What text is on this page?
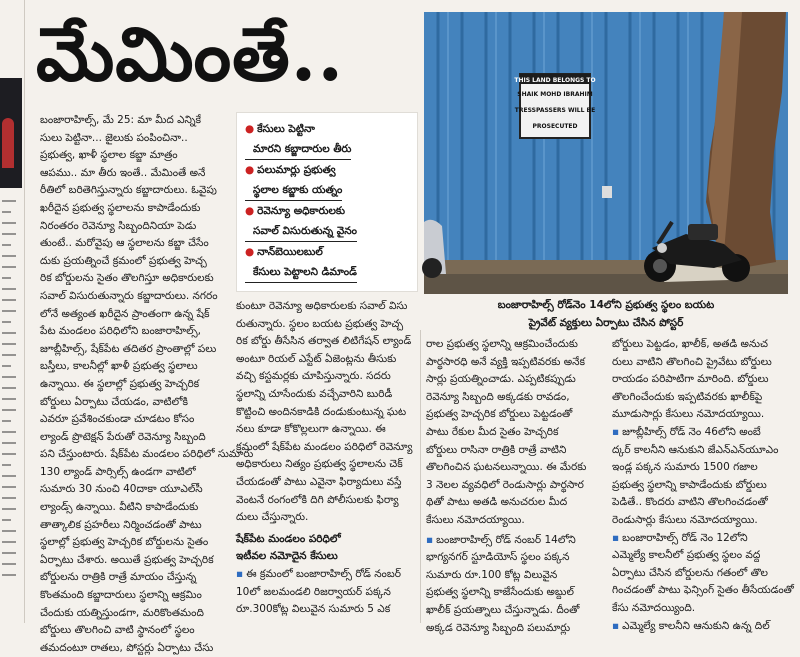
మేమింతే..	THIS LAND BELONGS TO
SHAIK MOHD IBRAHIM
TRESSPASSERS WILL BE
PROSECUTED
బంజారాహిల్స్ రోడ్‌నెం 14లోని ప్రభుత్వ స్థలం బయట
ప్రైవేట్ వ్యక్తులు ఏర్పాటు చేసిన పోస్టర్
● కేసులు పెట్టినా
మారని కబ్జాదారుల తీరు
● పలుమార్లు ప్రభుత్వ
స్థలాల కబ్జాకు యత్నం
● రెవెన్యూ అధికారులకు
సవాల్ విసురుతున్న వైనం
● నాన్‌బెయిలబుల్
కేసులు పెట్టాలని డిమాండ్
బంజారాహిల్స్, మే 25: మా మీద ఎన్నికే
సులు పెట్టినా... జైలుకు పంపించినా..
ప్రభుత్వ, ఖాళీ స్థలాల కబ్జా మాత్రం
ఆపము.. మా తీరు ఇంతే.. మేమింతే అనే
రీతిలో బరితెగిస్తున్నారు కబ్జాదారులు. ఓవైపు
ఖరీదైన ప్రభుత్వ స్థలాలను కాపాడేందుకు
నిరంతరం రెవెన్యూ సిబ్బందినియా పెడు
తుంటే.. మరోవైపు ఆ స్థలాలను కబ్జా చేసేం
దుకు ప్రయత్నించే క్రమంలో ప్రభుత్వ హెచ్చ
రిక బోర్డులను సైతం తొలగిస్తూ అధికారులకు
సవాల్ విసురుతున్నారు కబ్జాదారులు. నగరం
లోనే అత్యంత ఖరీదైన ప్రాంతంగా ఉన్న షేక్
పేట మండలం పరిధిలోని బంజారాహిల్స్,
జూబ్లీహిల్స్, షేక్‌పేట తదితర ప్రాంతాల్లో పలు
బస్తీలు, కాలనీల్లో ఖాళీ ప్రభుత్వ స్థలాలు
ఉన్నాయి. ఈ స్థలాల్లో ప్రభుత్వ హెచ్చరిక
బోర్డులు ఏర్పాటు చేయడం, వాటిలోకి
ఎవరూ ప్రవేశించకుండా చూడటం కోసం
ల్యాండ్ ప్రొటెక్షన్ పేరుతో రెవెన్యూ సిబ్బంది
పని చేస్తుంటారు. షేక్‌పేట మండలం పరిధిలో సుమారు
130 ల్యాండ్ పార్సిల్స్ ఉండగా వాటిలో
సుమారు 30 నుంచి 40దాకా యూఎల్‌సీ
ల్యాండ్స్ ఉన్నాయి. వీటిని కాపాడేందుకు
తాత్కాలిక ప్రహరీలు నిర్మించడంతో పాటు
స్థలాల్లో ప్రభుత్వ హెచ్చరిక బోర్డులను సైతం
ఏర్పాటు చేశారు. అయితే ప్రభుత్వ హెచ్చరిక
బోర్డులను రాత్రికి రాత్రే మాయం చేస్తున్న
కొంతమంది కబ్జాదారులు స్థలాన్ని ఆక్రమిం
చేందుకు యత్నిస్తుండగా, మరికొంతమంది
బోర్డులు తొలగించి వాటి స్థానంలో స్థలం
తమదంటూ రాతలు, పోస్టర్లు ఏర్పాటు చేసు
కుంటూ రెవెన్యూ అధికారులకు సవాల్ విసు
రుతున్నారు. స్థలం బయట ప్రభుత్వ హెచ్చ
రిక బోర్డు తీసేసిన తర్వాత లిటిగేషన్ ల్యాండ్
అంటూ రియల్ ఎస్టేట్ ఏజెంట్లను తీసుకు
వచ్చి కస్టమర్లకు చూపిస్తున్నారు. సదరు
స్థలాన్ని చూసేందుకు వచ్చేవారిని బురిడీ
కొట్టించి అందినకాడికి దండుకుంటున్న ఘట
నలు కూడా కోకొల్లలుగా ఉన్నాయి. ఈ
క్రమంలో షేక్‌పేట మండలం పరిధిలో రెవెన్యూ
అధికారులు నిత్యం ప్రభుత్వ స్థలాలను చెక్
చేయడంతో పాటు ఎవైనా ఫిర్యాదులు వస్తే
వెంటనే రంగంలోకి దిగి పోలీసులకు ఫిర్యా
దులు చేస్తున్నారు.
షేక్‌పేట మండలం పరిధిలో
ఇటీవల నమోదైన కేసులు
▪ ఈ క్రమంలో బంజారాహిల్స్ రోడ్ నంబర్
10లో జలమండలి రిజర్వాయర్ పక్కన
రూ.300కోట్ల విలువైన సుమారు 5 ఎక
రాల ప్రభుత్వ స్థలాన్ని ఆక్రమించేందుకు
పార్థసారధి అనే వ్యక్తి ఇప్పటివరకు అనేక
సార్లు ప్రయత్నించాడు. ఎప్పటికప్పుడు
రెవెన్యూ సిబ్బంది అక్కడకు రావడం,
ప్రభుత్వ హెచ్చరిక బోర్డులు పెట్టడంతో
పాటు రేకుల మీద సైతం హెచ్చరిక
బోర్డులు రాసినా రాత్రికి రాత్రే వాటిని
తొలగించిన ఘటనలున్నాయి. ఈ మేరకు
3 నెలల వ్యవధిలో రెండుసార్లు పార్థసార
థితో పాటు అతడి అనుచరుల మీద
కేసులు నమోదయ్యాయి.
▪ బంజారాహిల్స్ రోడ్ నంబర్ 14లోని
భాగ్యనగర్ స్టూడియోస్ స్థలం పక్కన
సుమారు రూ.100 కోట్ల విలువైన
ప్రభుత్వ స్థలాన్ని కాజేసేందుకు అబ్దుల్
ఖాలీక్ ప్రయత్నాలు చేస్తున్నాడు. దీంతో
అక్కడ రెవెన్యూ సిబ్బంది పలుమార్లు
బోర్డులు పెట్టడం, ఖాలీక్, అతడి అనుచ
రులు వాటిని తొలగించి ప్రైవేటు బోర్డులు
రాయడం పరిపాటిగా మారింది. బోర్డులు
తొలగించేందుకు ఇప్పటివరకు ఖాలీక్‌పై
మూడుసార్లు కేసులు నమోదయ్యాయి.
▪ జూబ్లీహిల్స్ రోడ్ నెం 46లోని అంబే
ద్కర్ కాలనీని ఆనుకుని జేఎన్ఎన్‌యూఎం
ఇండ్ల పక్కన సుమారు 1500 గజాల
ప్రభుత్వ స్థలాన్ని కాపాడేందుకు బోర్డులు
పెడితే.. కొందరు వాటిని తొలగించడంతో
రెండుసార్లు కేసులు నమోదయ్యాయి.
▪ బంజారాహిల్స్ రోడ్ నెం 12లోని
ఎమ్మెల్యే కాలనీలో ప్రభుత్వ స్థలం వద్ద
ఏర్పాటు చేసిన బోర్డులను గతంలో తొల
గించడంతో పాటు ఫెన్సింగ్ సైతం తీసేయడంతో
కేసు నమోదయ్యింది.
▪ ఎమ్మెల్యే కాలనీని ఆనుకుని ఉన్న దిల్
